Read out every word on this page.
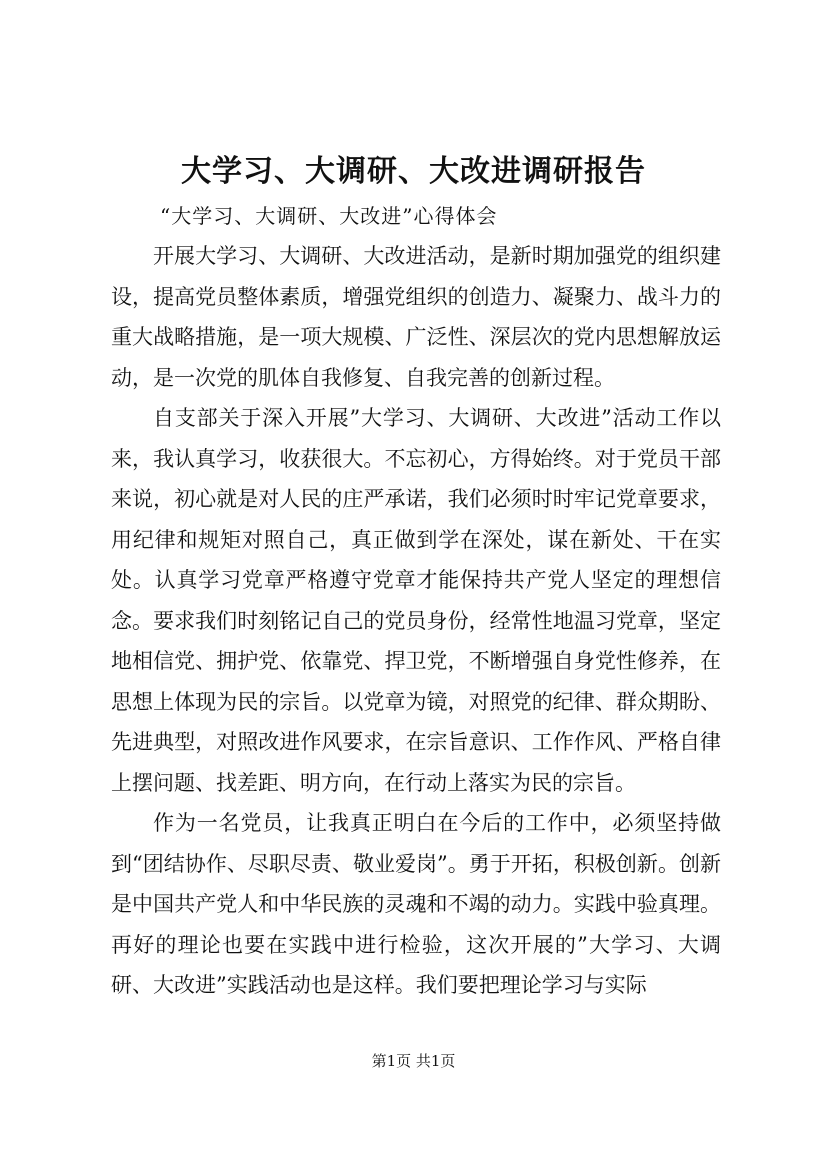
大学习、大调研、大改进调研报告
“大学习、大调研、大改进”心得体会

开展大学习、大调研、大改进活动，是新时期加强党的组织建设，提高党员整体素质，增强党组织的创造力、凝聚力、战斗力的重大战略措施，是一项大规模、广泛性、深层次的党内思想解放运动，是一次党的肌体自我修复、自我完善的创新过程。

自支部关于深入开展”大学习、大调研、大改进”活动工作以来，我认真学习，收获很大。不忘初心，方得始终。对于党员干部来说，初心就是对人民的庄严承诺，我们必须时时牢记党章要求，用纪律和规矩对照自己，真正做到学在深处，谋在新处、干在实处。认真学习党章严格遵守党章才能保持共产党人坚定的理想信念。要求我们时刻铭记自己的党员身份，经常性地温习党章，坚定地相信党、拥护党、依靠党、捍卫党，不断增强自身党性修养，在思想上体现为民的宗旨。以党章为镜，对照党的纪律、群众期盼、先进典型，对照改进作风要求，在宗旨意识、工作作风、严格自律上摆问题、找差距、明方向，在行动上落实为民的宗旨。

作为一名党员，让我真正明白在今后的工作中，必须坚持做到“团结协作、尽职尽责、敬业爱岗”。勇于开拓，积极创新。创新是中国共产党人和中华民族的灵魂和不竭的动力。实践中验真理。再好的理论也要在实践中进行检验，这次开展的”大学习、大调研、大改进”实践活动也是这样。我们要把理论学习与实际

第1页 共1页
